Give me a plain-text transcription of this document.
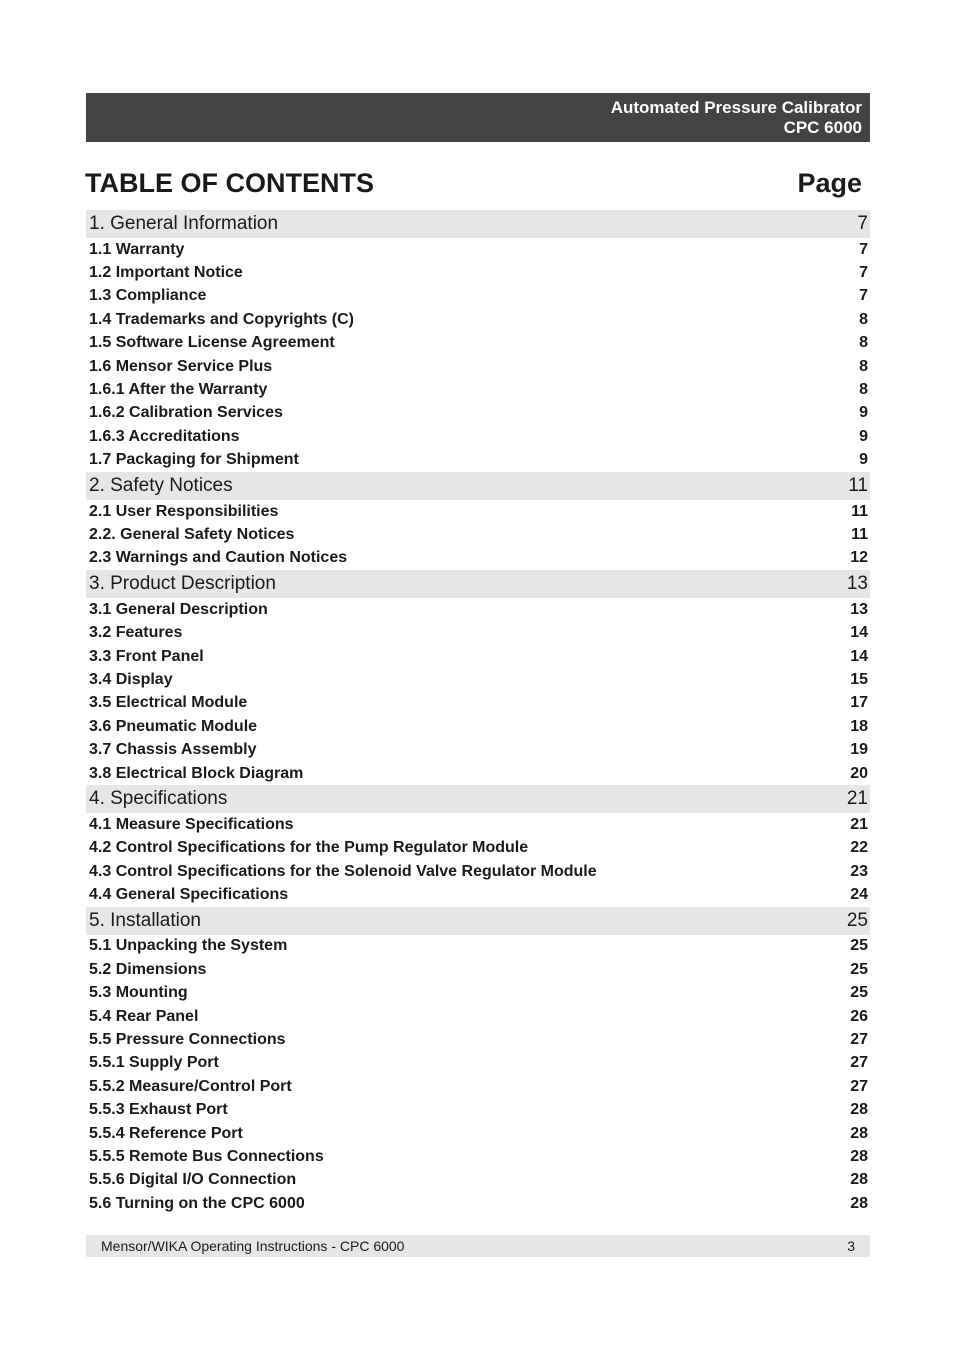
Automated Pressure Calibrator
CPC 6000
TABLE OF CONTENTS	Page
1. General Information	7
1.1 Warranty	7
1.2 Important Notice	7
1.3 Compliance	7
1.4 Trademarks and Copyrights (C)	8
1.5 Software License Agreement	8
1.6 Mensor Service Plus	8
1.6.1 After the Warranty	8
1.6.2 Calibration Services	9
1.6.3 Accreditations	9
1.7 Packaging for Shipment	9
2. Safety Notices	11
2.1 User Responsibilities	11
2.2. General Safety Notices	11
2.3 Warnings and Caution Notices	12
3. Product Description	13
3.1 General Description	13
3.2 Features	14
3.3 Front Panel	14
3.4 Display	15
3.5 Electrical Module	17
3.6 Pneumatic Module	18
3.7 Chassis Assembly	19
3.8 Electrical Block Diagram	20
4. Specifications	21
4.1 Measure Specifications	21
4.2 Control Specifications for the Pump Regulator Module	22
4.3 Control Specifications for the Solenoid Valve Regulator Module	23
4.4 General Specifications	24
5. Installation	25
5.1 Unpacking the System	25
5.2 Dimensions	25
5.3 Mounting	25
5.4 Rear Panel	26
5.5 Pressure Connections	27
5.5.1 Supply Port	27
5.5.2 Measure/Control Port	27
5.5.3 Exhaust Port	28
5.5.4 Reference Port	28
5.5.5 Remote Bus Connections	28
5.5.6 Digital I/O Connection	28
5.6 Turning on the CPC 6000	28
Mensor/WIKA Operating Instructions - CPC 6000	3
